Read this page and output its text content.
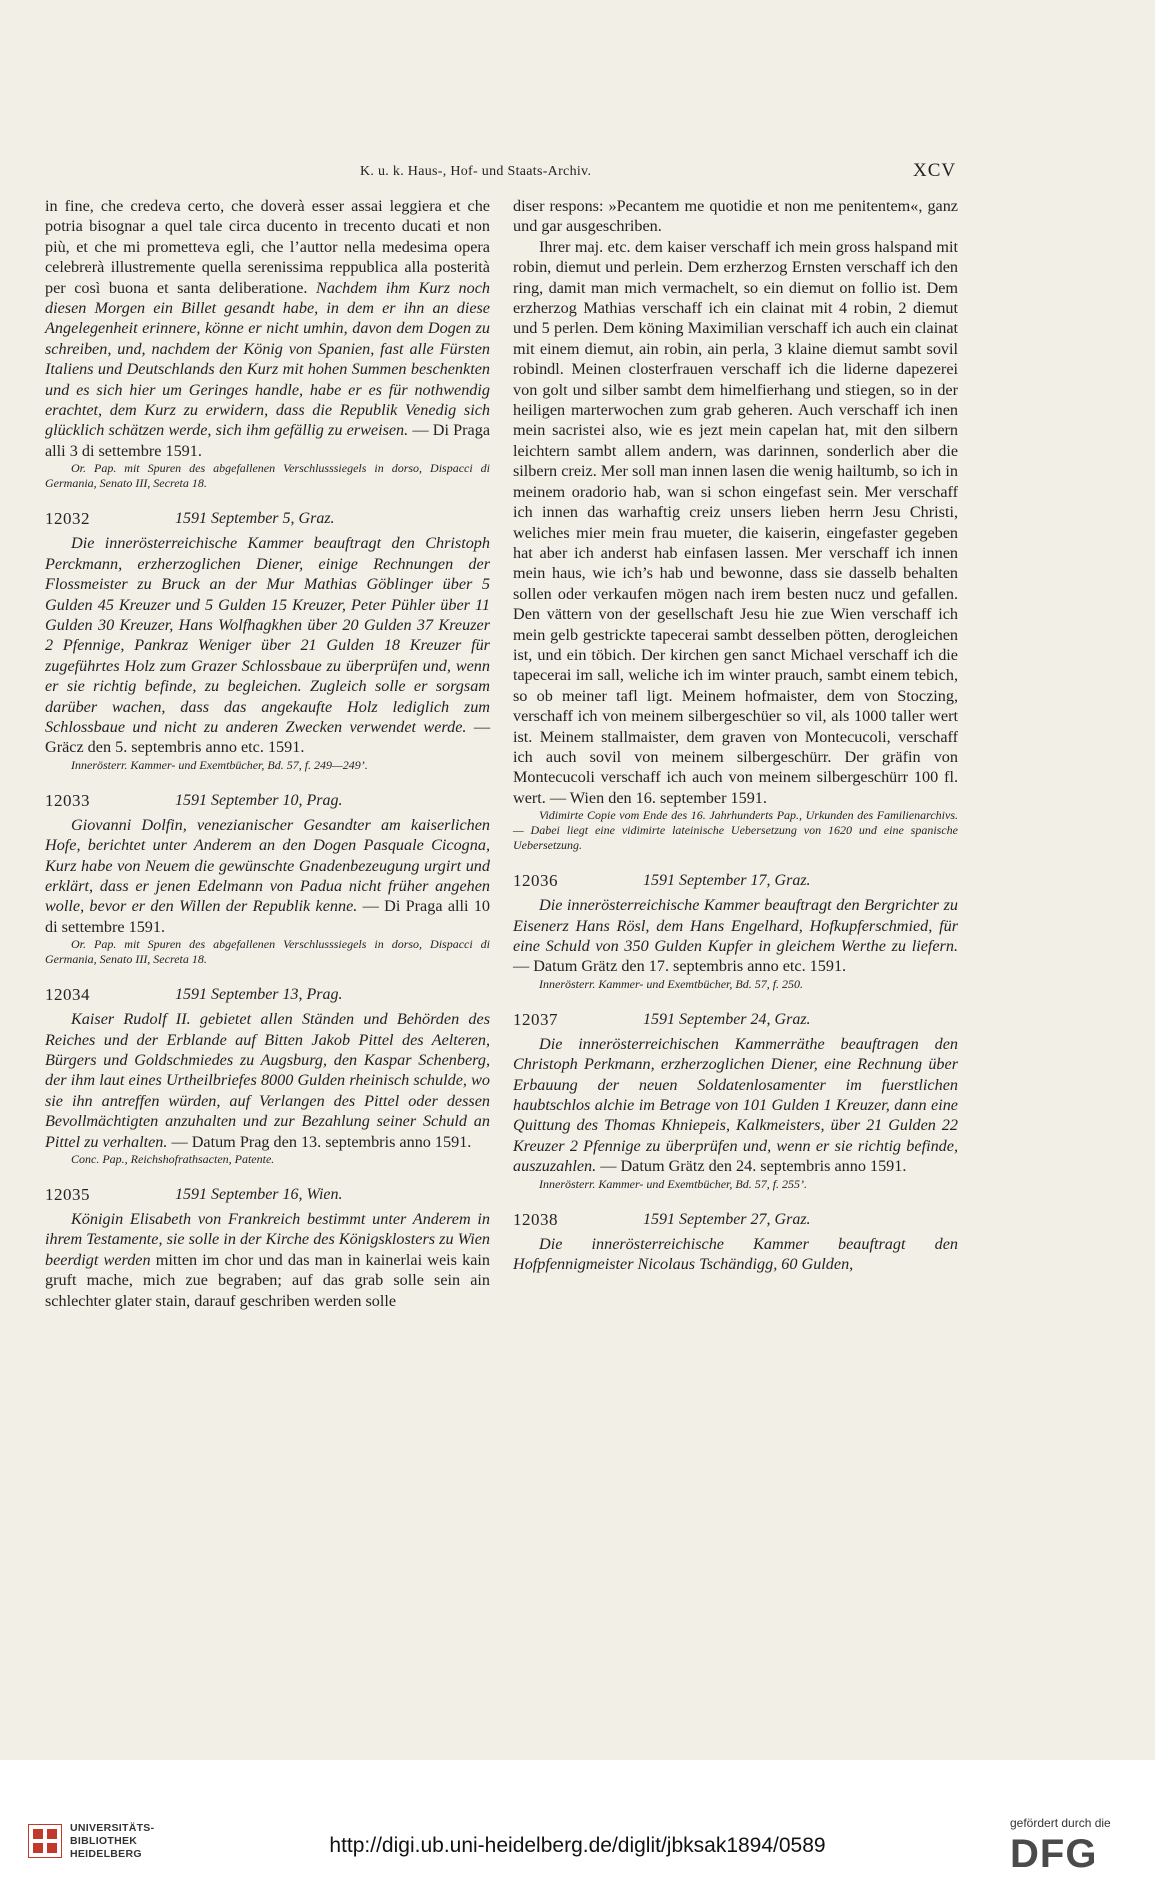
K. u. k. Haus-, Hof- und Staats-Archiv.	XCV

in fine, che credeva certo, che doverà esser assai leggiera et che potria bisognar a quel tale circa ducento in trecento ducati et non più, et che mi prometteva egli, che l’auttor nella medesima opera celebrerà illustremente quella serenissima reppublica alla posterità per così buona et santa deliberatione. Nachdem ihm Kurz noch diesen Morgen ein Billet gesandt habe, in dem er ihn an diese Angelegenheit erinnere, könne er nicht umhin, davon dem Dogen zu schreiben, und, nachdem der König von Spanien, fast alle Fürsten Italiens und Deutschlands den Kurz mit hohen Summen beschenkten und es sich hier um Geringes handle, habe er es für nothwendig erachtet, dem Kurz zu erwidern, dass die Republik Venedig sich glücklich schätzen werde, sich ihm gefällig zu erweisen. — Di Praga alli 3 di settembre 1591.

Or. Pap. mit Spuren des abgefallenen Verschlusssiegels in dorso, Dispacci di Germania, Senato III, Secreta 18.

12032	1591 September 5, Graz.

Die innerösterreichische Kammer beauftragt den Christoph Perckmann, erzherzoglichen Diener, einige Rechnungen der Flossmeister zu Bruck an der Mur Mathias Göblinger über 5 Gulden 45 Kreuzer und 5 Gulden 15 Kreuzer, Peter Pühler über 11 Gulden 30 Kreuzer, Hans Wolfhagkhen über 20 Gulden 37 Kreuzer 2 Pfennige, Pankraz Weniger über 21 Gulden 18 Kreuzer für zugeführtes Holz zum Grazer Schlossbaue zu überprüfen und, wenn er sie richtig befinde, zu begleichen. Zugleich solle er sorgsam darüber wachen, dass das angekaufte Holz lediglich zum Schlossbaue und nicht zu anderen Zwecken verwendet werde. — Gräcz den 5. septembris anno etc. 1591.

Innerösterr. Kammer- und Exemtbücher, Bd. 57, f. 249—249’.

12033	1591 September 10, Prag.

Giovanni Dolfin, venezianischer Gesandter am kaiserlichen Hofe, berichtet unter Anderem an den Dogen Pasquale Cicogna, Kurz habe von Neuem die gewünschte Gnadenbezeugung urgirt und erklärt, dass er jenen Edelmann von Padua nicht früher angehen wolle, bevor er den Willen der Republik kenne. — Di Praga alli 10 di settembre 1591.

Or. Pap. mit Spuren des abgefallenen Verschlusssiegels in dorso, Dispacci di Germania, Senato III, Secreta 18.

12034	1591 September 13, Prag.

Kaiser Rudolf II. gebietet allen Ständen und Behörden des Reiches und der Erblande auf Bitten Jakob Pittel des Aelteren, Bürgers und Goldschmiedes zu Augsburg, den Kaspar Schenberg, der ihm laut eines Urtheilbriefes 8000 Gulden rheinisch schulde, wo sie ihn antreffen würden, auf Verlangen des Pittel oder dessen Bevollmächtigten anzuhalten und zur Bezahlung seiner Schuld an Pittel zu verhalten. — Datum Prag den 13. septembris anno 1591.

Conc. Pap., Reichshofrathsacten, Patente.

12035	1591 September 16, Wien.

Königin Elisabeth von Frankreich bestimmt unter Anderem in ihrem Testamente, sie solle in der Kirche des Königsklosters zu Wien beerdigt werden mitten im chor und das man in kainerlai weis kain gruft mache, mich zue begraben; auf das grab solle sein ain schlechter glater stain, darauf geschriben werden solle

diser respons: »Pecantem me quotidie et non me penitentem«, ganz und gar ausgeschriben.

Ihrer maj. etc. dem kaiser verschaff ich mein gross halspand mit robin, diemut und perlein. Dem erzherzog Ernsten verschaff ich den ring, damit man mich vermachelt, so ein diemut on follio ist. Dem erzherzog Mathias verschaff ich ein clainat mit 4 robin, 2 diemut und 5 perlen. Dem köning Maximilian verschaff ich auch ein clainat mit einem diemut, ain robin, ain perla, 3 klaine diemut sambt sovil robindl. Meinen closterfrauen verschaff ich die liderne dapezerei von golt und silber sambt dem himelfierhang und stiegen, so in der heiligen marterwochen zum grab geheren. Auch verschaff ich inen mein sacristei also, wie es jezt mein capelan hat, mit den silbern leichtern sambt allem andern, was darinnen, sonderlich aber die silbern creiz. Mer soll man innen lasen die wenig hailtumb, so ich in meinem oradorio hab, wan si schon eingefast sein. Mer verschaff ich innen das warhaftig creiz unsers lieben herrn Jesu Christi, weliches mier mein frau mueter, die kaiserin, eingefaster gegeben hat aber ich anderst hab einfasen lassen. Mer verschaff ich innen mein haus, wie ich’s hab und bewonne, dass sie dasselb behalten sollen oder verkaufen mögen nach irem besten nucz und gefallen. Den vättern von der gesellschaft Jesu hie zue Wien verschaff ich mein gelb gestrickte tapecerai sambt desselben pötten, derogleichen ist, und ein töbich. Der kirchen gen sanct Michael verschaff ich die tapecerai im sall, weliche ich im winter prauch, sambt einem tebich, so ob meiner tafl ligt. Meinem hofmaister, dem von Stoczing, verschaff ich von meinem silbergeschüer so vil, als 1000 taller wert ist. Meinem stallmaister, dem graven von Montecucoli, verschaff ich auch sovil von meinem silbergeschürr. Der gräfin von Montecucoli verschaff ich auch von meinem silbergeschürr 100 fl. wert. — Wien den 16. september 1591.

Vidimirte Copie vom Ende des 16. Jahrhunderts Pap., Urkunden des Familienarchivs. — Dabei liegt eine vidimirte lateinische Uebersetzung von 1620 und eine spanische Uebersetzung.

12036	1591 September 17, Graz.

Die innerösterreichische Kammer beauftragt den Bergrichter zu Eisenerz Hans Rösl, dem Hans Engelhard, Hofkupferschmied, für eine Schuld von 350 Gulden Kupfer in gleichem Werthe zu liefern. — Datum Grätz den 17. septembris anno etc. 1591.

Innerösterr. Kammer- und Exemtbücher, Bd. 57, f. 250.

12037	1591 September 24, Graz.

Die innerösterreichischen Kammerräthe beauftragen den Christoph Perkmann, erzherzoglichen Diener, eine Rechnung über Erbauung der neuen Soldatenlosamenter im fuerstlichen haubtschlos alchie im Betrage von 101 Gulden 1 Kreuzer, dann eine Quittung des Thomas Khniepeis, Kalkmeisters, über 21 Gulden 22 Kreuzer 2 Pfennige zu überprüfen und, wenn er sie richtig befinde, auszuzahlen. — Datum Grätz den 24. septembris anno 1591.

Innerösterr. Kammer- und Exemtbücher, Bd. 57, f. 255’.

12038	1591 September 27, Graz.

Die innerösterreichische Kammer beauftragt den Hofpfennigmeister Nicolaus Tschändigg, 60 Gulden,

UNIVERSITÄTS-
BIBLIOTHEK
HEIDELBERG	http://digi.ub.uni-heidelberg.de/diglit/jbksak1894/0589
gefördert durch die
DFG
